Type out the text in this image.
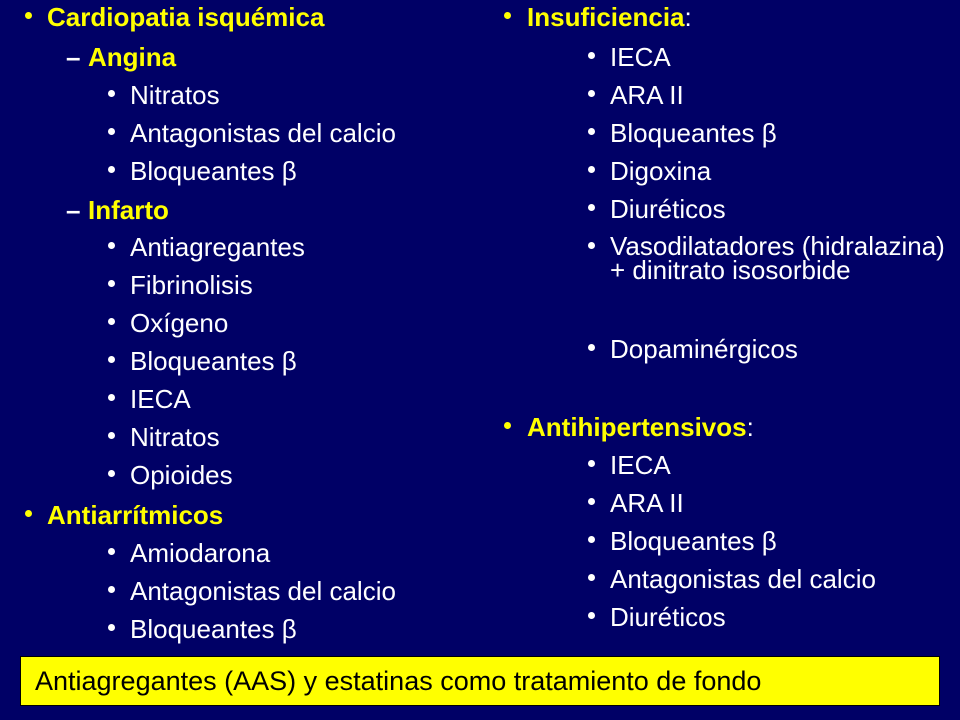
Cardiopatia isquémica
– Angina
Nitratos
Antagonistas del calcio
Bloqueantes β
– Infarto
Antiagregantes
Fibrinolisis
Oxígeno
Bloqueantes β
IECA
Nitratos
Opioides
Antiarrítmicos
Amiodarona
Antagonistas del calcio
Bloqueantes β
Insuficiencia:
IECA
ARA II
Bloqueantes β
Digoxina
Diuréticos
Vasodilatadores (hidralazina) + dinitrato isosorbide
Dopaminérgicos
Antihipertensivos:
IECA
ARA II
Bloqueantes β
Antagonistas del calcio
Diuréticos
Antiagregantes (AAS) y estatinas como tratamiento de fondo
